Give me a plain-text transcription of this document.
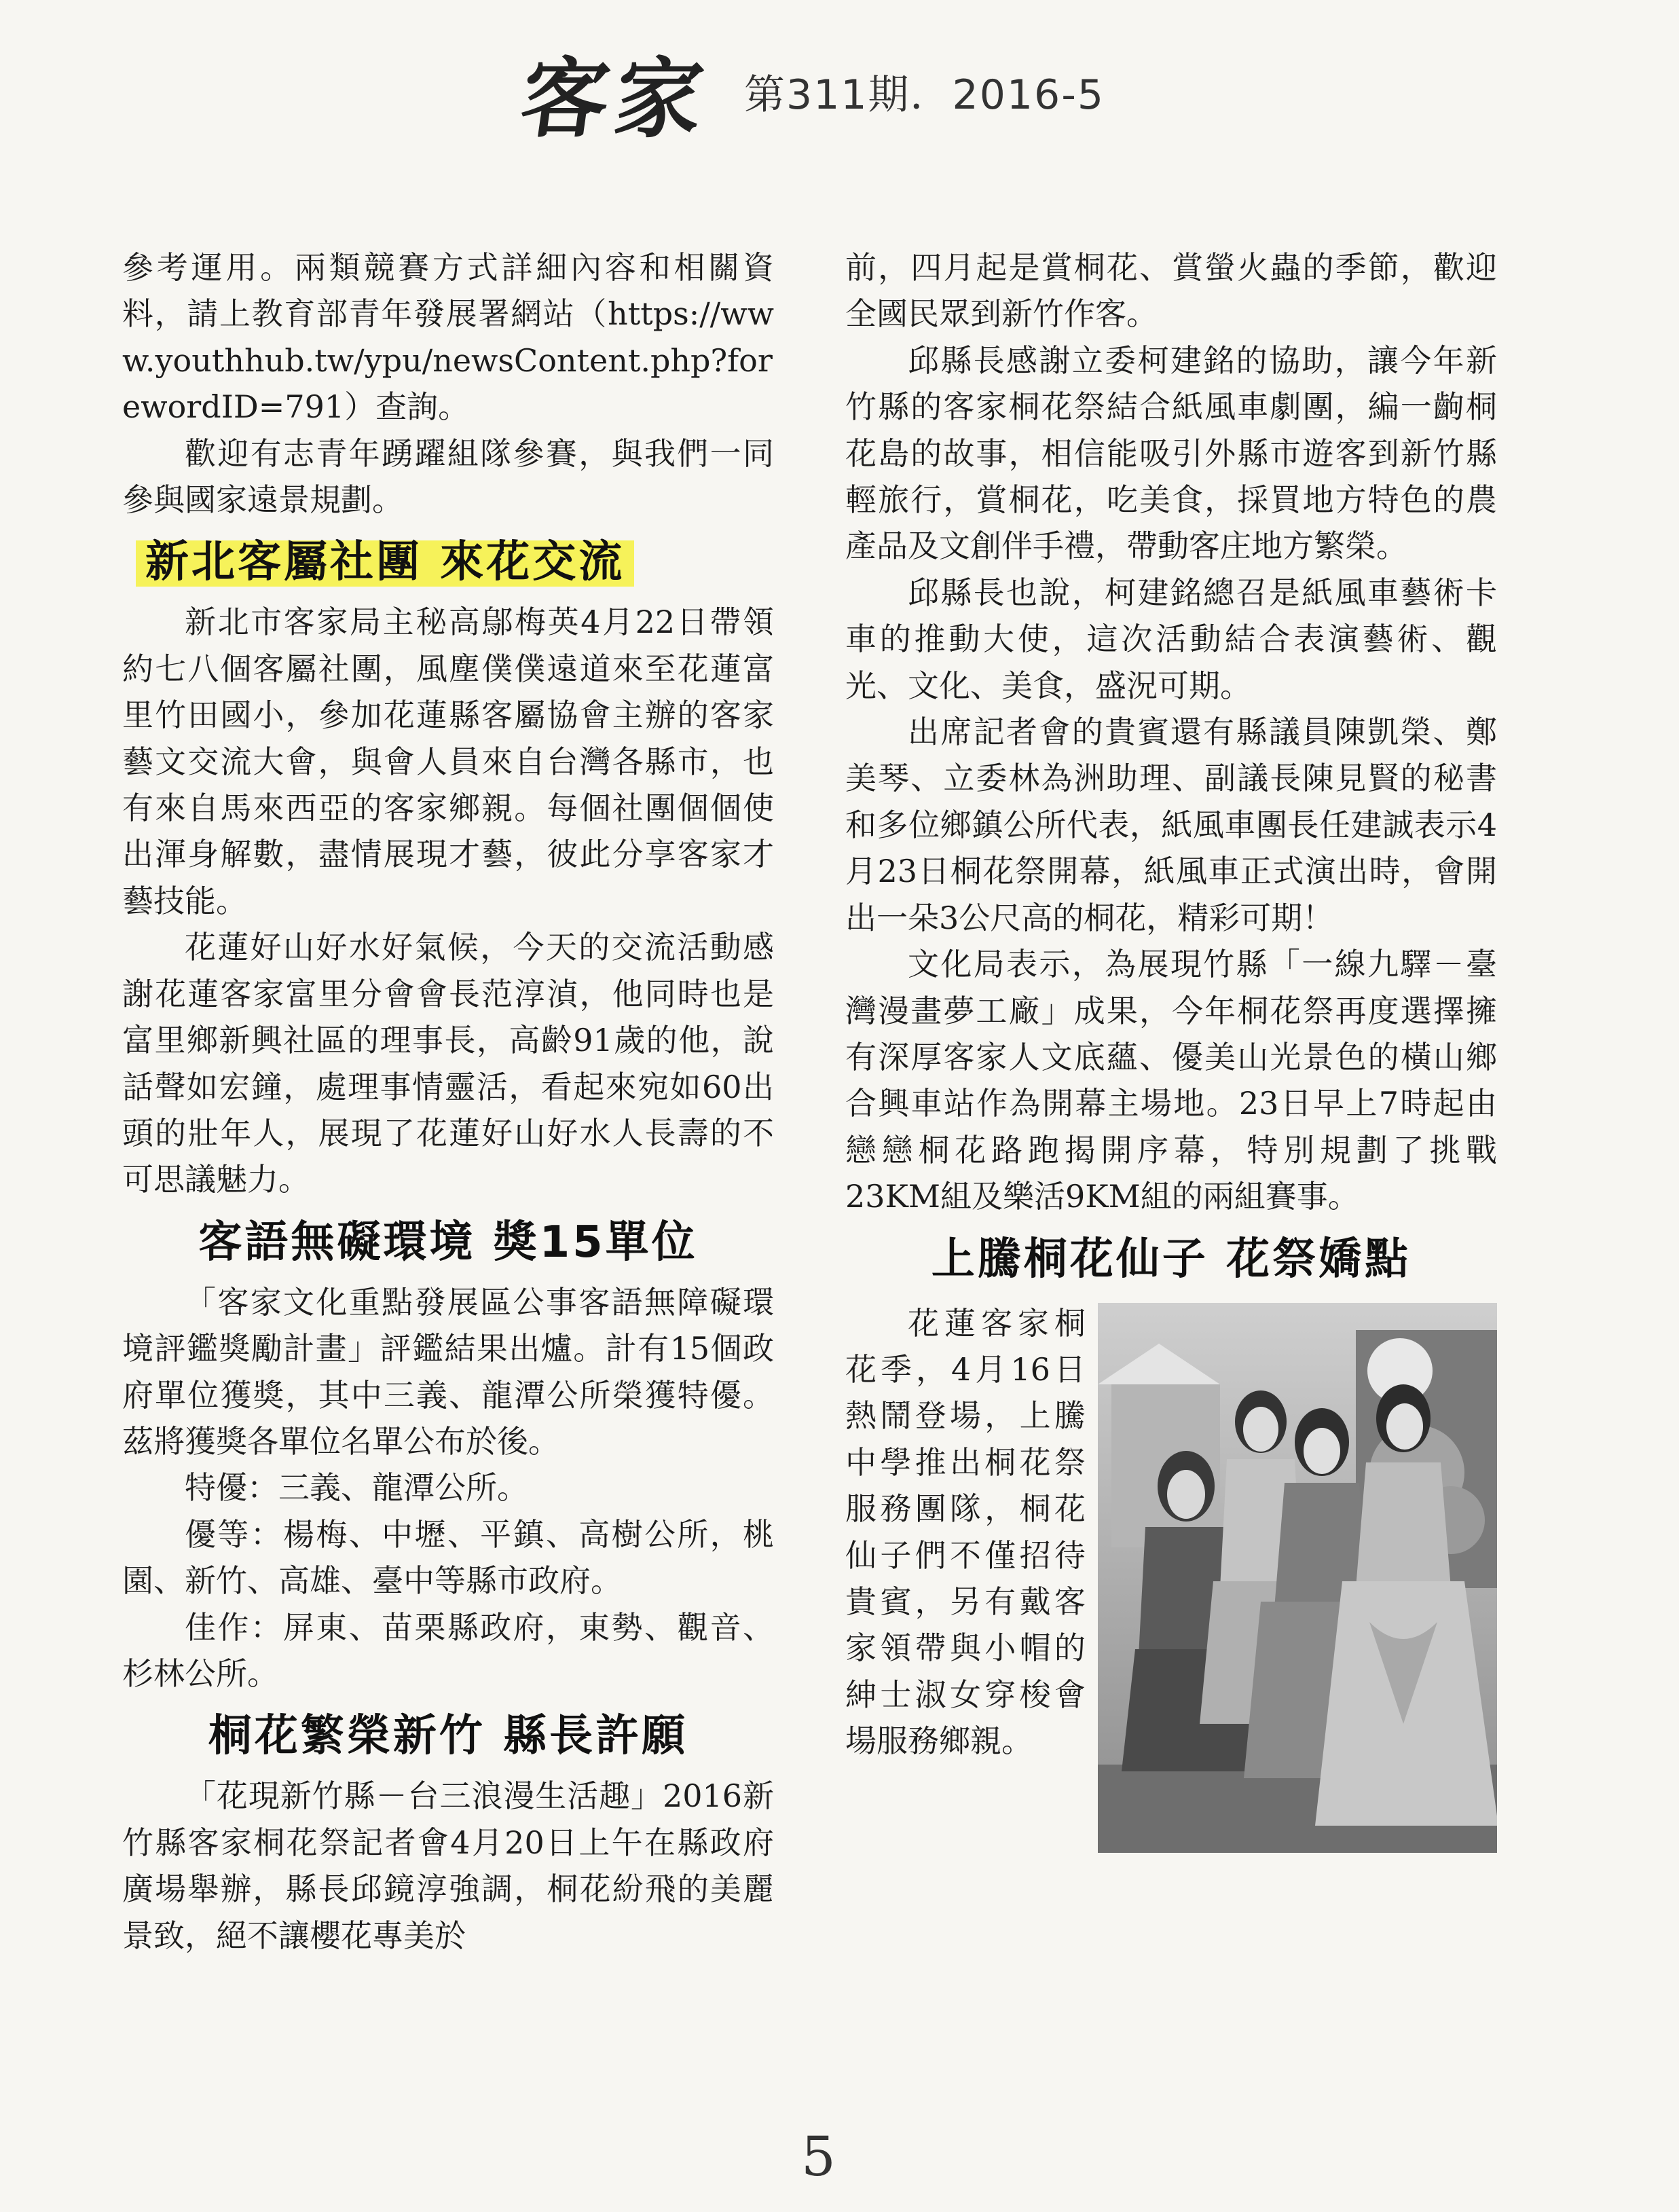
客家 第311期．2016-5

參考運用。兩類競賽方式詳細內容和相關資料，請上教育部青年發展署網站（https://www.youthhub.tw/ypu/newsContent.php?forewordID=791）查詢。

歡迎有志青年踴躍組隊參賽，與我們一同參與國家遠景規劃。

新北客屬社團 來花交流

新北市客家局主秘高鄔梅英4月22日帶領約七八個客屬社團，風塵僕僕遠道來至花蓮富里竹田國小，參加花蓮縣客屬協會主辦的客家藝文交流大會，與會人員來自台灣各縣市，也有來自馬來西亞的客家鄉親。每個社團個個使出渾身解數，盡情展現才藝，彼此分享客家才藝技能。

花蓮好山好水好氣候，今天的交流活動感謝花蓮客家富里分會會長范淳湞，他同時也是富里鄉新興社區的理事長，高齡91歲的他，說話聲如宏鐘，處理事情靈活，看起來宛如60出頭的壯年人，展現了花蓮好山好水人長壽的不可思議魅力。

客語無礙環境 獎15單位

「客家文化重點發展區公事客語無障礙環境評鑑獎勵計畫」評鑑結果出爐。計有15個政府單位獲獎，其中三義、龍潭公所榮獲特優。茲將獲獎各單位名單公布於後。

特優：三義、龍潭公所。

優等：楊梅、中壢、平鎮、高樹公所，桃園、新竹、高雄、臺中等縣市政府。

佳作：屏東、苗栗縣政府，東勢、觀音、杉林公所。

桐花繁榮新竹 縣長許願

「花現新竹縣－台三浪漫生活趣」2016新竹縣客家桐花祭記者會4月20日上午在縣政府廣場舉辦，縣長邱鏡淳強調，桐花紛飛的美麗景致，絕不讓櫻花專美於

前，四月起是賞桐花、賞螢火蟲的季節，歡迎全國民眾到新竹作客。

邱縣長感謝立委柯建銘的協助，讓今年新竹縣的客家桐花祭結合紙風車劇團，編一齣桐花島的故事，相信能吸引外縣市遊客到新竹縣輕旅行，賞桐花，吃美食，採買地方特色的農產品及文創伴手禮，帶動客庄地方繁榮。

邱縣長也說，柯建銘總召是紙風車藝術卡車的推動大使，這次活動結合表演藝術、觀光、文化、美食，盛況可期。

出席記者會的貴賓還有縣議員陳凱榮、鄭美琴、立委林為洲助理、副議長陳見賢的秘書和多位鄉鎮公所代表，紙風車團長任建誠表示4月23日桐花祭開幕，紙風車正式演出時，會開出一朵3公尺高的桐花，精彩可期！

文化局表示，為展現竹縣「一線九驛－臺灣漫畫夢工廠」成果，今年桐花祭再度選擇擁有深厚客家人文底蘊、優美山光景色的橫山鄉合興車站作為開幕主場地。23日早上7時起由戀戀桐花路跑揭開序幕，特別規劃了挑戰23KM組及樂活9KM組的兩組賽事。

上騰桐花仙子 花祭嬌點

花蓮客家桐花季，4月16日熱鬧登場，上騰中學推出桐花祭服務團隊，桐花仙子們不僅招待貴賓，另有戴客家領帶與小帽的紳士淑女穿梭會場服務鄉親。

5
